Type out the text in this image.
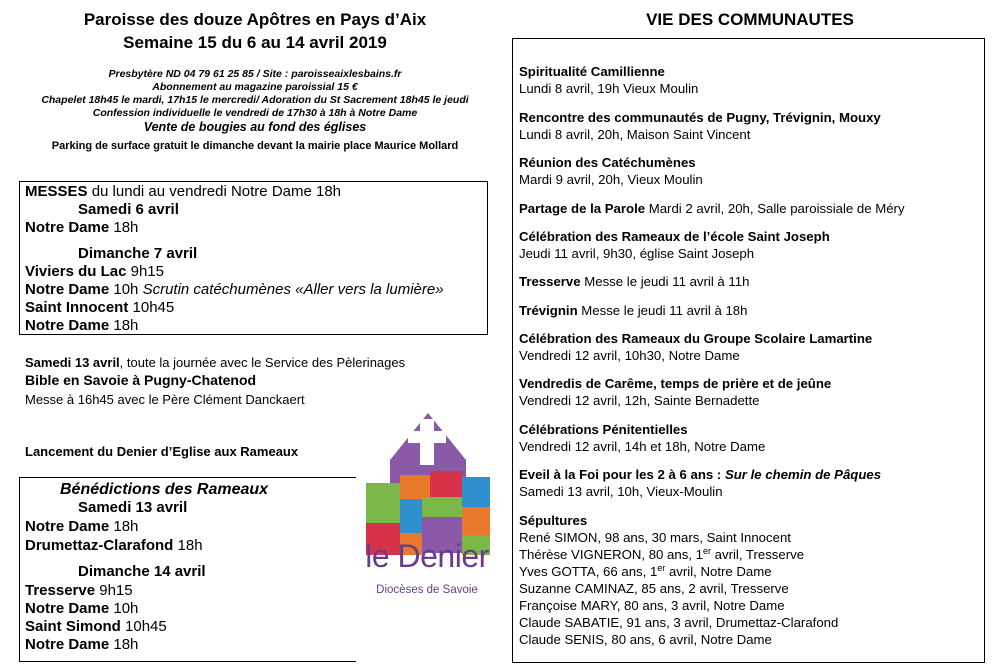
Paroisse des douze Apôtres en Pays d’Aix
Semaine 15 du 6 au 14 avril 2019
Presbytère ND 04 79 61 25 85 / Site : paroisseaixlesbains.fr
Abonnement au magazine paroissial 15 €
Chapelet 18h45 le mardi, 17h15 le mercredi/ Adoration du St Sacrement 18h45 le jeudi
Confession individuelle le vendredi de 17h30 à 18h à Notre Dame
Vente de bougies au fond des églises
Parking de surface gratuit le dimanche devant la mairie place Maurice Mollard
MESSES du lundi au vendredi Notre Dame 18h
Samedi 6 avril
Notre Dame 18h
Dimanche 7 avril
Viviers du Lac 9h15
Notre Dame 10h Scrutin catéchumènes «Aller vers la lumière»
Saint Innocent 10h45
Notre Dame 18h
Samedi 13 avril, toute la journée avec le Service des Pèlerinages
Bible en Savoie à Pugny-Chatenod
Messe à 16h45 avec le Père Clément Danckaert
Lancement du Denier d’Eglise aux Rameaux
Bénédictions des Rameaux
Samedi 13 avril
Notre Dame 18h
Drumettaz-Clarafond 18h
Dimanche 14 avril
Tresserve 9h15
Notre Dame 10h
Saint Simond 10h45
Notre Dame 18h
le Denier
Diocèses de Savoie
VIE DES COMMUNAUTES
Spiritualité Camillienne
Lundi 8 avril, 19h Vieux Moulin
Rencontre des communautés de Pugny, Trévignin, Mouxy
Lundi 8 avril, 20h, Maison Saint Vincent
Réunion des Catéchumènes
Mardi 9 avril, 20h, Vieux Moulin
Partage de la Parole Mardi 2 avril, 20h, Salle paroissiale de Méry
Célébration des Rameaux de l’école Saint Joseph
Jeudi 11 avril, 9h30, église Saint Joseph
Tresserve Messe le jeudi 11 avril à 11h
Trévignin Messe le jeudi 11 avril à 18h
Célébration des Rameaux du Groupe Scolaire Lamartine
Vendredi 12 avril, 10h30, Notre Dame
Vendredis de Carême, temps de prière et de jeûne
Vendredi 12 avril, 12h, Sainte Bernadette
Célébrations Pénitentielles
Vendredi 12 avril, 14h et 18h, Notre Dame
Eveil à la Foi pour les 2 à 6 ans : Sur le chemin de Pâques
Samedi 13 avril, 10h, Vieux-Moulin
Sépultures
René SIMON, 98 ans, 30 mars, Saint Innocent
Thérèse VIGNERON, 80 ans, 1er avril, Tresserve
Yves GOTTA, 66 ans, 1er avril, Notre Dame
Suzanne CAMINAZ, 85 ans, 2 avril, Tresserve
Françoise MARY, 80 ans, 3 avril, Notre Dame
Claude SABATIE, 91 ans, 3 avril, Drumettaz-Clarafond
Claude SENIS, 80 ans, 6 avril, Notre Dame
